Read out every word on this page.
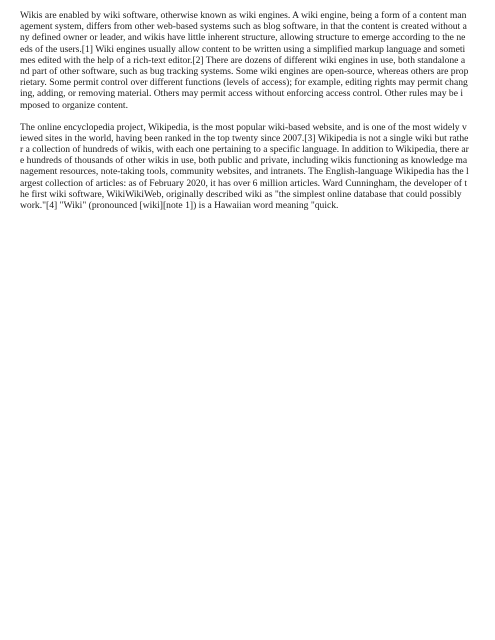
Wikis are enabled by wiki software, otherwise known as wiki engines. A wiki engine, being a form of a content man
agement system, differs from other web-based systems such as blog software, in that the content is created without a
ny defined owner or leader, and wikis have little inherent structure, allowing structure to emerge according to the ne
eds of the users.[1] Wiki engines usually allow content to be written using a simplified markup language and someti
mes edited with the help of a rich-text editor.[2] There are dozens of different wiki engines in use, both standalone a
nd part of other software, such as bug tracking systems. Some wiki engines are open-source, whereas others are prop
rietary. Some permit control over different functions (levels of access); for example, editing rights may permit chang
ing, adding, or removing material. Others may permit access without enforcing access control. Other rules may be i
mposed to organize content.
The online encyclopedia project, Wikipedia, is the most popular wiki-based website, and is one of the most widely v
iewed sites in the world, having been ranked in the top twenty since 2007.[3] Wikipedia is not a single wiki but rathe
r a collection of hundreds of wikis, with each one pertaining to a specific language. In addition to Wikipedia, there ar
e hundreds of thousands of other wikis in use, both public and private, including wikis functioning as knowledge ma
nagement resources, note-taking tools, community websites, and intranets. The English-language Wikipedia has the l
argest collection of articles: as of February 2020, it has over 6 million articles. Ward Cunningham, the developer of t
he first wiki software, WikiWikiWeb, originally described wiki as "the simplest online database that could possibly
work."[4] "Wiki" (pronounced [wiki][note 1]) is a Hawaiian word meaning "quick.
